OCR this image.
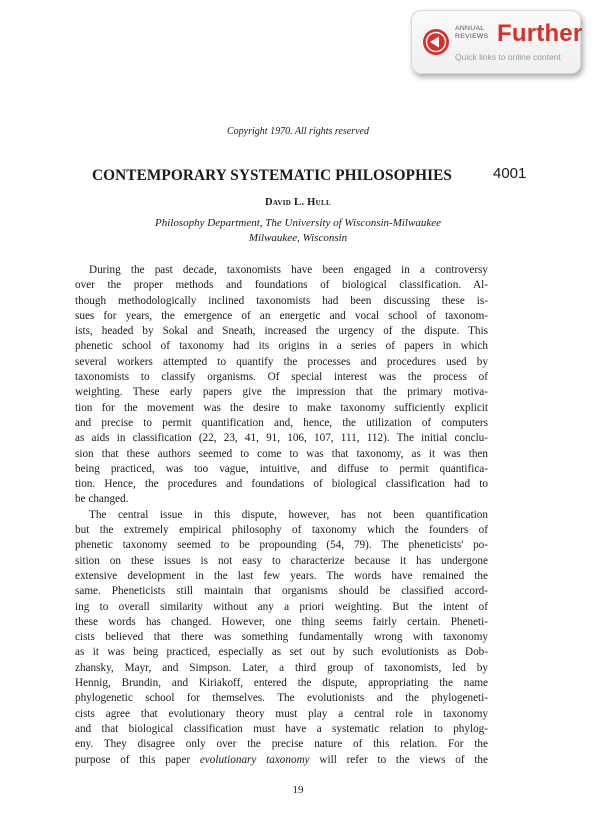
ANNUAL
REVIEWS Further
Quick links to online content
Copyright 1970. All rights reserved
CONTEMPORARY SYSTEMATIC PHILOSOPHIES	4001
David L. Hull
Philosophy Department, The University of Wisconsin-Milwaukee
Milwaukee, Wisconsin
During the past decade, taxonomists have been engaged in a controversy
over the proper methods and foundations of biological classification. Al-
though methodologically inclined taxonomists had been discussing these is-
sues for years, the emergence of an energetic and vocal school of taxonom-
ists, headed by Sokal and Sneath, increased the urgency of the dispute. This
phenetic school of taxonomy had its origins in a series of papers in which
several workers attempted to quantify the processes and procedures used by
taxonomists to classify organisms. Of special interest was the process of
weighting. These early papers give the impression that the primary motiva-
tion for the movement was the desire to make taxonomy sufficiently explicit
and precise to permit quantification and, hence, the utilization of computers
as aids in classification (22, 23, 41, 91, 106, 107, 111, 112). The initial conclu-
sion that these authors seemed to come to was that taxonomy, as it was then
being practiced, was too vague, intuitive, and diffuse to permit quantifica-
tion. Hence, the procedures and foundations of biological classification had to
be changed.
The central issue in this dispute, however, has not been quantification
but the extremely empirical philosophy of taxonomy which the founders of
phenetic taxonomy seemed to be propounding (54, 79). The pheneticists' po-
sition on these issues is not easy to characterize because it has undergone
extensive development in the last few years. The words have remained the
same. Pheneticists still maintain that organisms should be classified accord-
ing to overall similarity without any a priori weighting. But the intent of
these words has changed. However, one thing seems fairly certain. Pheneti-
cists believed that there was something fundamentally wrong with taxonomy
as it was being practiced, especially as set out by such evolutionists as Dob-
zhansky, Mayr, and Simpson. Later, a third group of taxonomists, led by
Hennig, Brundin, and Kiriakoff, entered the dispute, appropriating the name
phylogenetic school for themselves. The evolutionists and the phylogeneti-
cists agree that evolutionary theory must play a central role in taxonomy
and that biological classification must have a systematic relation to phylog-
eny. They disagree only over the precise nature of this relation. For the
purpose of this paper evolutionary taxonomy will refer to the views of the
19
